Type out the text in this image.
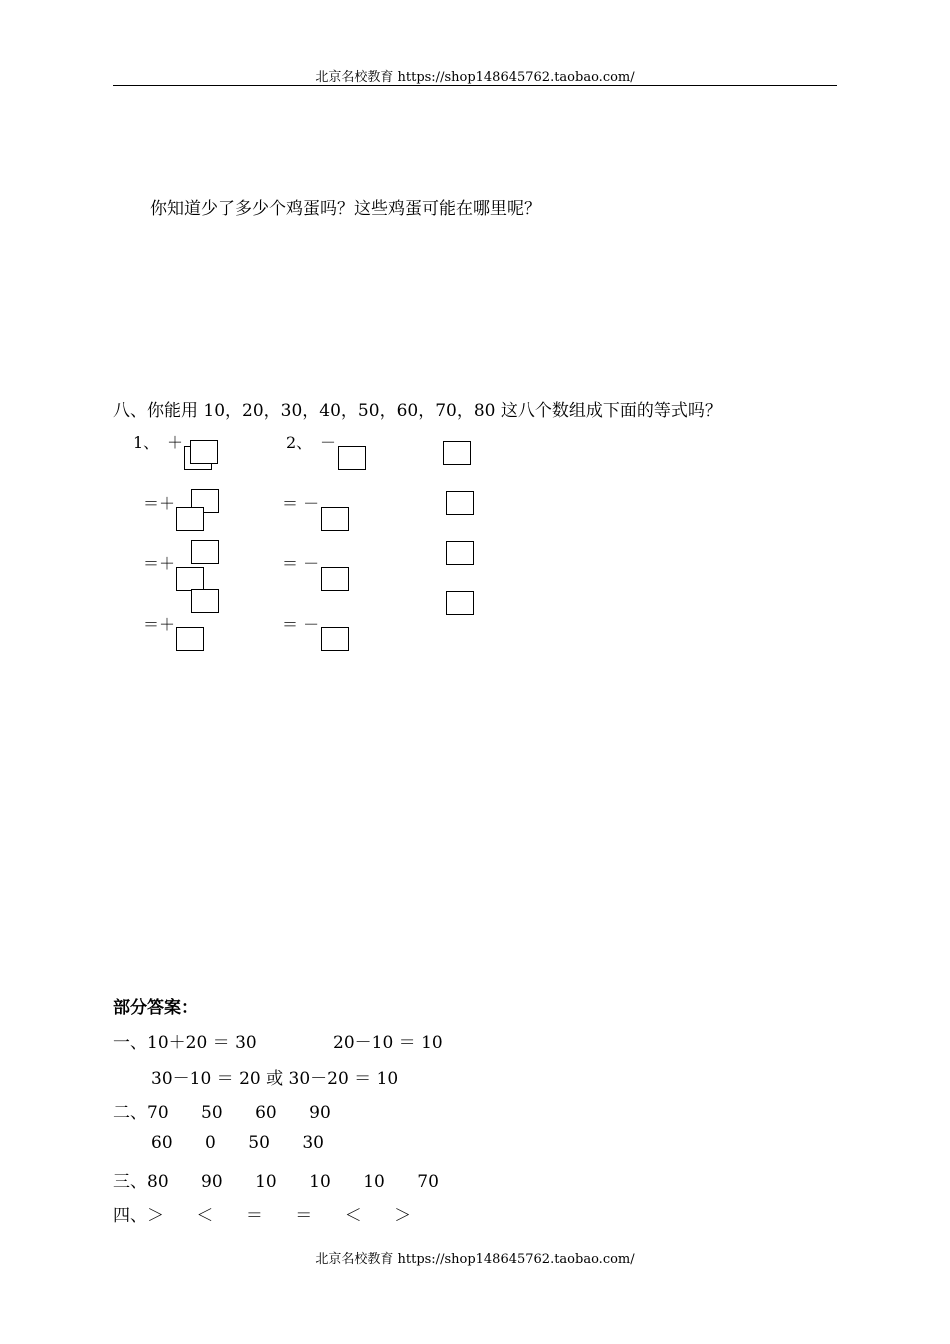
北京名校教育 https://shop148645762.taobao.com/
你知道少了多少个鸡蛋吗？这些鸡蛋可能在哪里呢？
八、你能用 10，20，30，40，50，60，70，80 这八个数组成下面的等式吗？
1、 ＋
＝＋
＝＋
＝＋
2、 －
＝ －
＝ －
＝ －
部分答案：
一、10＋20 ＝ 30	20－10 ＝ 10
30－10 ＝ 20 或 30－20 ＝ 10
二、70      50      60      90
60      0      50      30
三、80      90      10      10      10      70
四、＞      ＜      ＝      ＝      ＜      ＞
北京名校教育 https://shop148645762.taobao.com/
